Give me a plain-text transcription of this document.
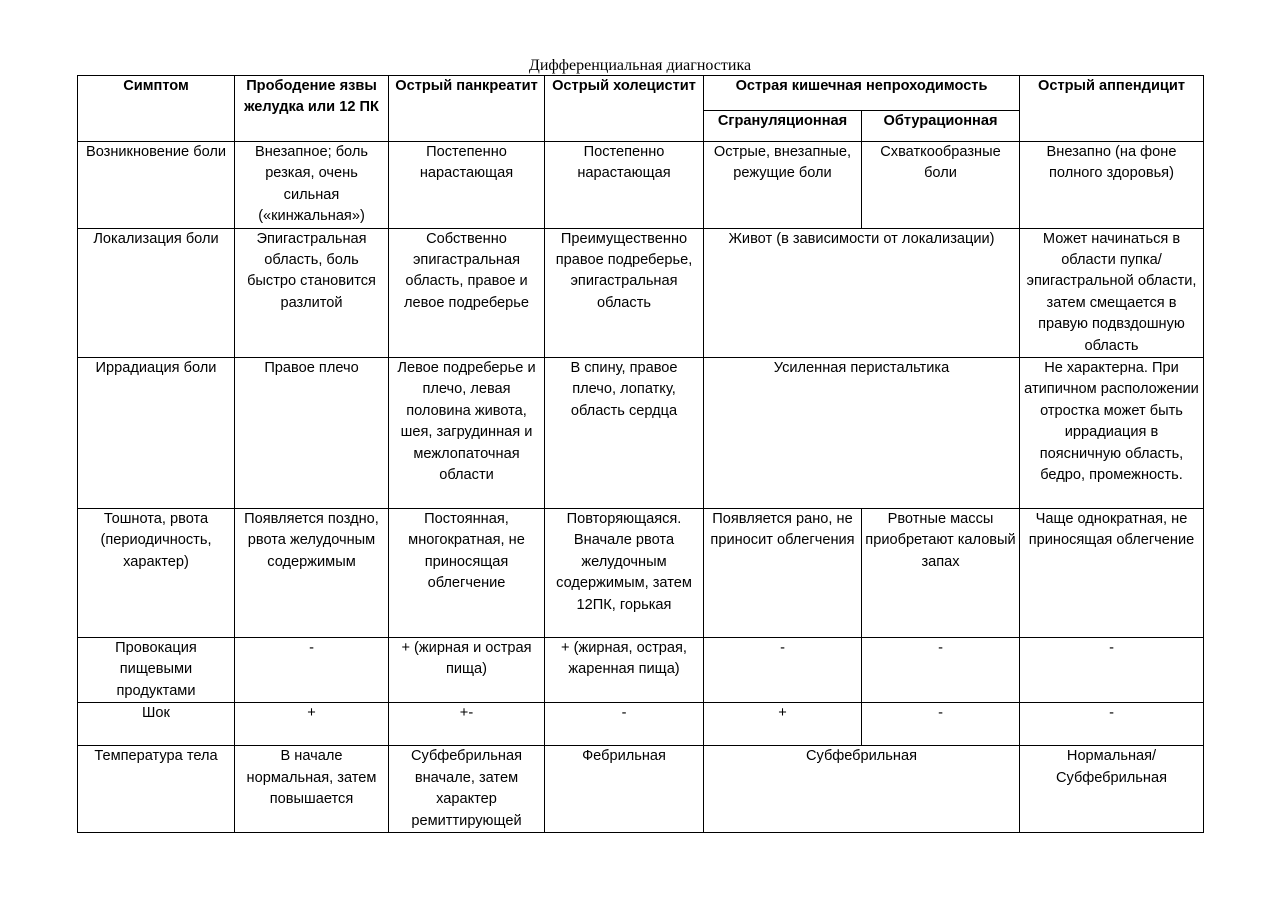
Дифференциальная диагностика
Симптом	Прободение язвы желудка или 12 ПК	Острый панкреатит	Острый холецистит	Острая кишечная непроходимость		Острый аппендицит
				Сгрануляционная	Обтурационная	
Возникновение боли	Внезапное; боль резкая, очень сильная («кинжальная»)	Постепенно нарастающая	Постепенно нарастающая	Острые, внезапные, режущие боли	Схваткообразные боли	Внезапно (на фоне полного здоровья)
Локализация боли	Эпигастральная область, боль быстро становится разлитой	Собственно эпигастральная область, правое и левое подреберье	Преимущественно правое подреберье, эпигастральная область	Живот (в зависимости от локализации)		Может начинаться в области пупка/эпигастральной области, затем смещается в правую подвздошную область
Иррадиация боли	Правое плечо	Левое подреберье и плечо, левая половина живота, шея, загрудинная и межлопаточная области	В спину, правое плечо, лопатку, область сердца	Усиленная перистальтика		Не характерна. При атипичном расположении отростка может быть иррадиация в поясничную область, бедро, промежность.
Тошнота, рвота (периодичность, характер)	Появляется поздно, рвота желудочным содержимым	Постоянная, многократная, не приносящая облегчение	Повторяющаяся. Вначале рвота желудочным содержимым, затем 12ПК, горькая	Появляется рано, не приносит облегчения	Рвотные массы приобретают каловый запах	Чаще однократная, не приносящая облегчение
Провокация пищевыми продуктами	-	+ (жирная и острая пища)	+ (жирная, острая, жаренная пища)	-	-	-
Шок	+	+-	-	+	-	-
Температура тела	В начале нормальная, затем повышается	Субфебрильная вначале, затем характер ремиттирующей	Фебрильная	Субфебрильная		Нормальная/ Субфебрильная
